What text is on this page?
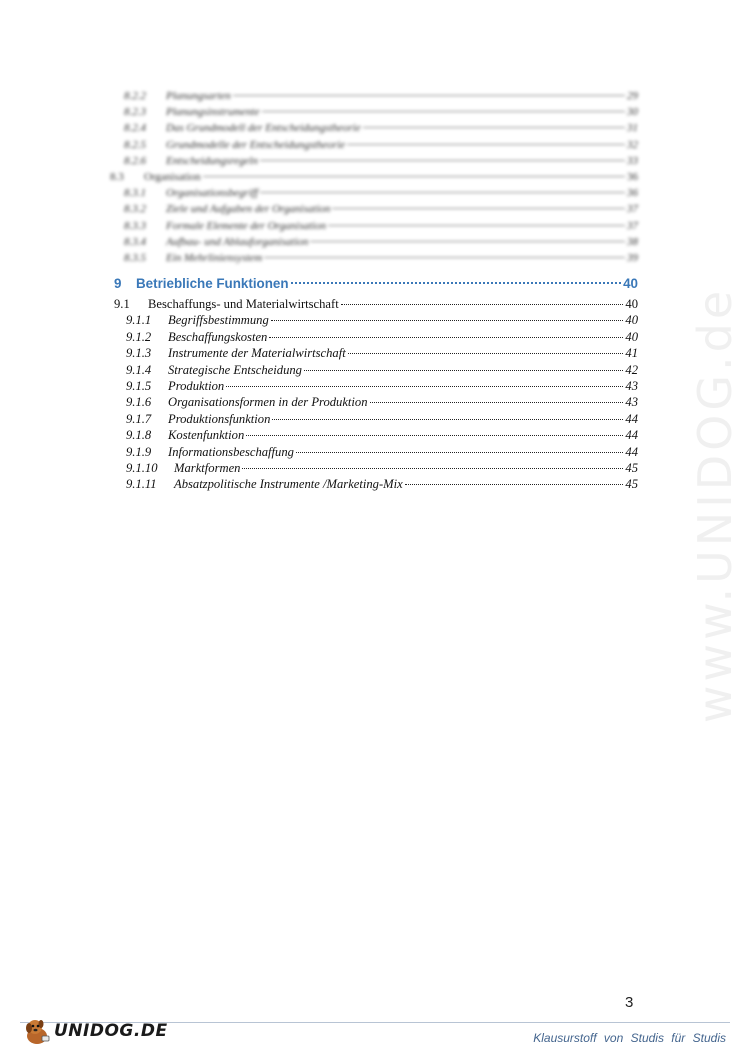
www.UNIDOG.de
8.2.2	Planungsarten	29
8.2.3	Planungsinstrumente	30
8.2.4	Das Grundmodell der Entscheidungstheorie	31
8.2.5	Grundmodelle der Entscheidungstheorie	32
8.2.6	Entscheidungsregeln	33
8.3	Organisation	36
8.3.1	Organisationsbegriff	36
8.3.2	Ziele und Aufgaben der Organisation	37
8.3.3	Formale Elemente der Organisation	37
8.3.4	Aufbau- und Ablauforganisation	38
8.3.5	Ein Mehrliniensystem	39
9	Betriebliche Funktionen	40
9.1	Beschaffungs- und Materialwirtschaft	40
9.1.1	Begriffsbestimmung	40
9.1.2	Beschaffungskosten	40
9.1.3	Instrumente der Materialwirtschaft	41
9.1.4	Strategische Entscheidung	42
9.1.5	Produktion	43
9.1.6	Organisationsformen in der Produktion	43
9.1.7	Produktionsfunktion	44
9.1.8	Kostenfunktion	44
9.1.9	Informationsbeschaffung	44
9.1.10	Marktformen	45
9.1.11	Absatzpolitische Instrumente /Marketing-Mix	45
3
UNIDOG.DE	Klausurstoff von Studis für Studis
